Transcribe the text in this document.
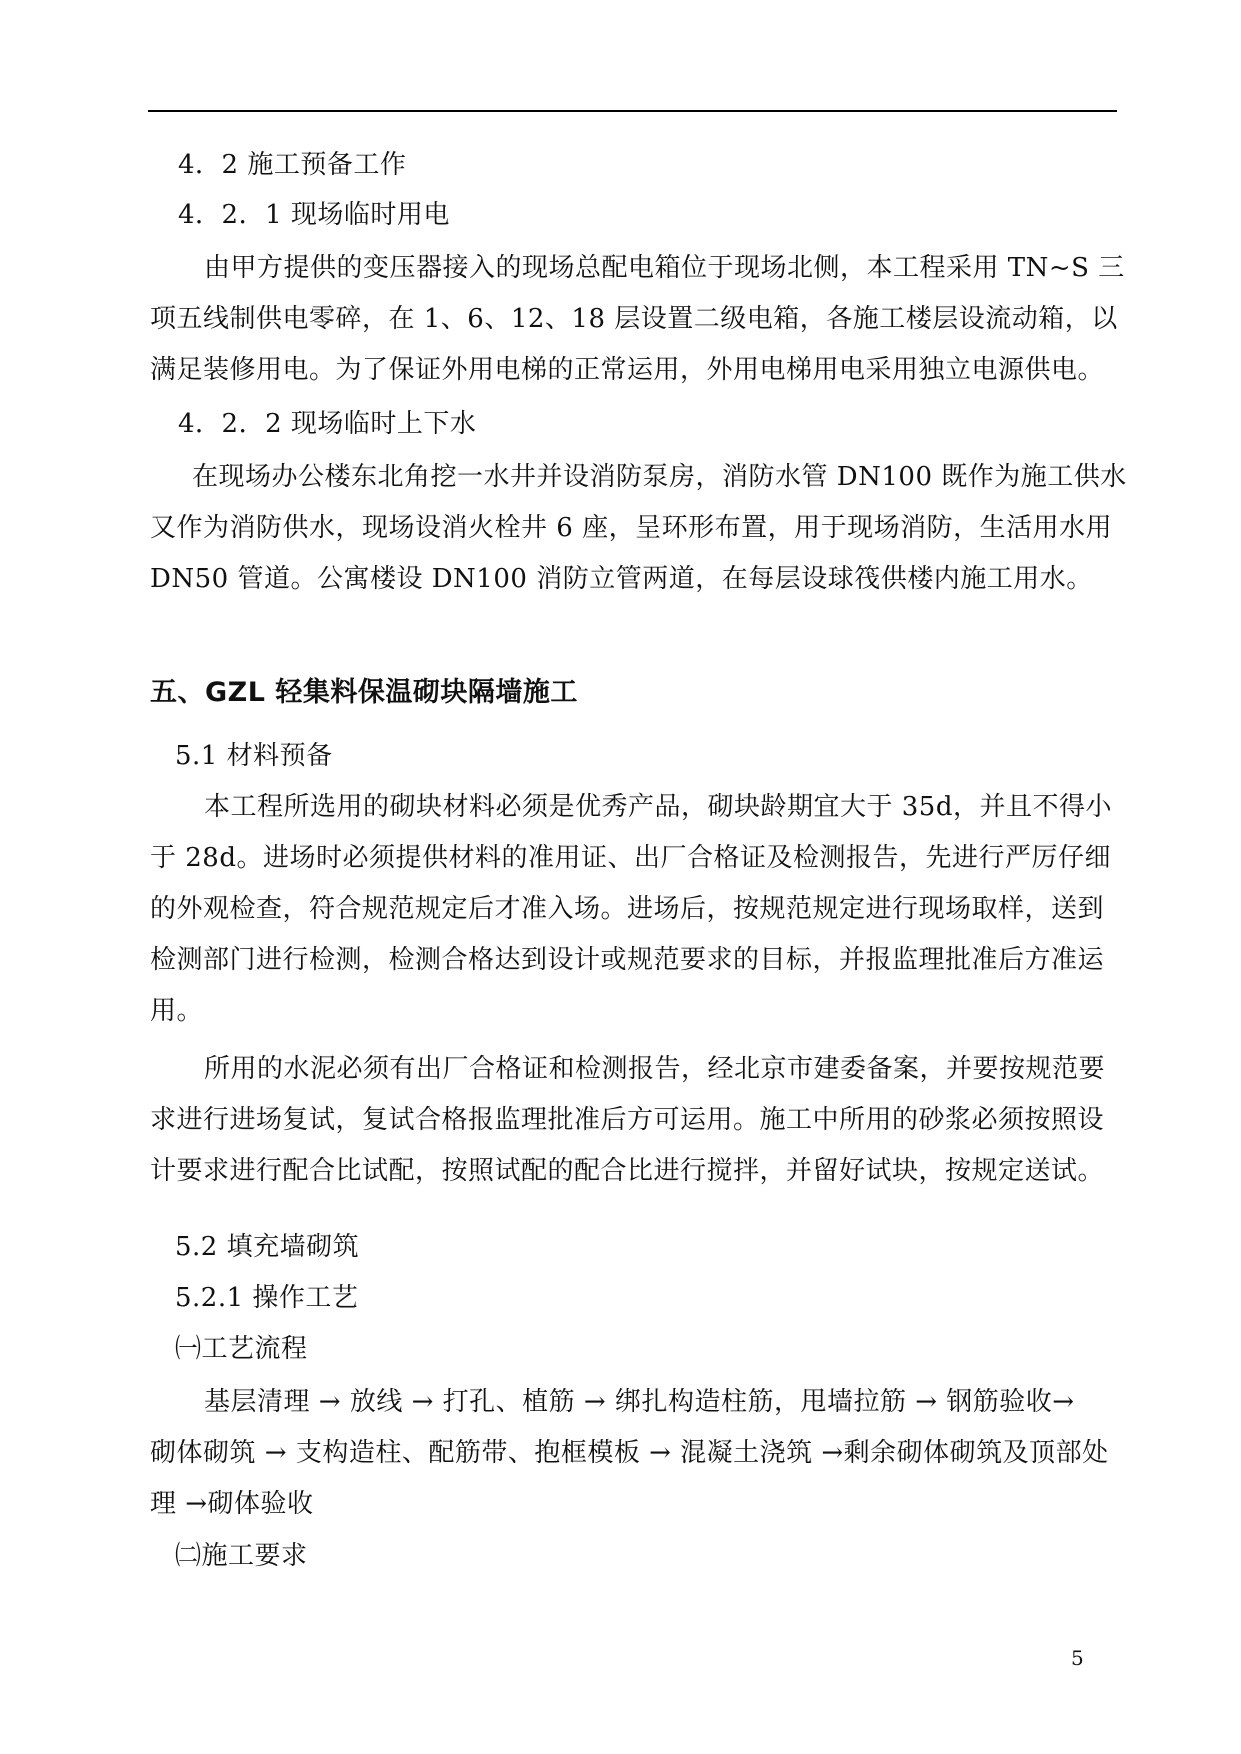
4．2 施工预备工作
4．2．1 现场临时用电
由甲方提供的变压器接入的现场总配电箱位于现场北侧，本工程采用 TN~S 三
项五线制供电零碎，在 1、6、12、18 层设置二级电箱，各施工楼层设流动箱，以
满足装修用电。为了保证外用电梯的正常运用，外用电梯用电采用独立电源供电。
4．2．2 现场临时上下水
在现场办公楼东北角挖一水井并设消防泵房，消防水管 DN100 既作为施工供水
又作为消防供水，现场设消火栓井 6 座，呈环形布置，用于现场消防，生活用水用
DN50 管道。公寓楼设 DN100 消防立管两道，在每层设球筏供楼内施工用水。
五、GZL 轻集料保温砌块隔墙施工
5.1 材料预备
本工程所选用的砌块材料必须是优秀产品，砌块龄期宜大于 35d，并且不得小
于 28d。进场时必须提供材料的准用证、出厂合格证及检测报告，先进行严厉仔细
的外观检查，符合规范规定后才准入场。进场后，按规范规定进行现场取样，送到
检测部门进行检测，检测合格达到设计或规范要求的目标，并报监理批准后方准运
用。
所用的水泥必须有出厂合格证和检测报告，经北京市建委备案，并要按规范要
求进行进场复试，复试合格报监理批准后方可运用。施工中所用的砂浆必须按照设
计要求进行配合比试配，按照试配的配合比进行搅拌，并留好试块，按规定送试。
5.2 填充墙砌筑
5.2.1 操作工艺
㈠工艺流程
基层清理 → 放线 → 打孔、植筋 → 绑扎构造柱筋，甩墙拉筋 → 钢筋验收→
砌体砌筑 → 支构造柱、配筋带、抱框模板 → 混凝土浇筑 →剩余砌体砌筑及顶部处
理 →砌体验收
㈡施工要求
5
